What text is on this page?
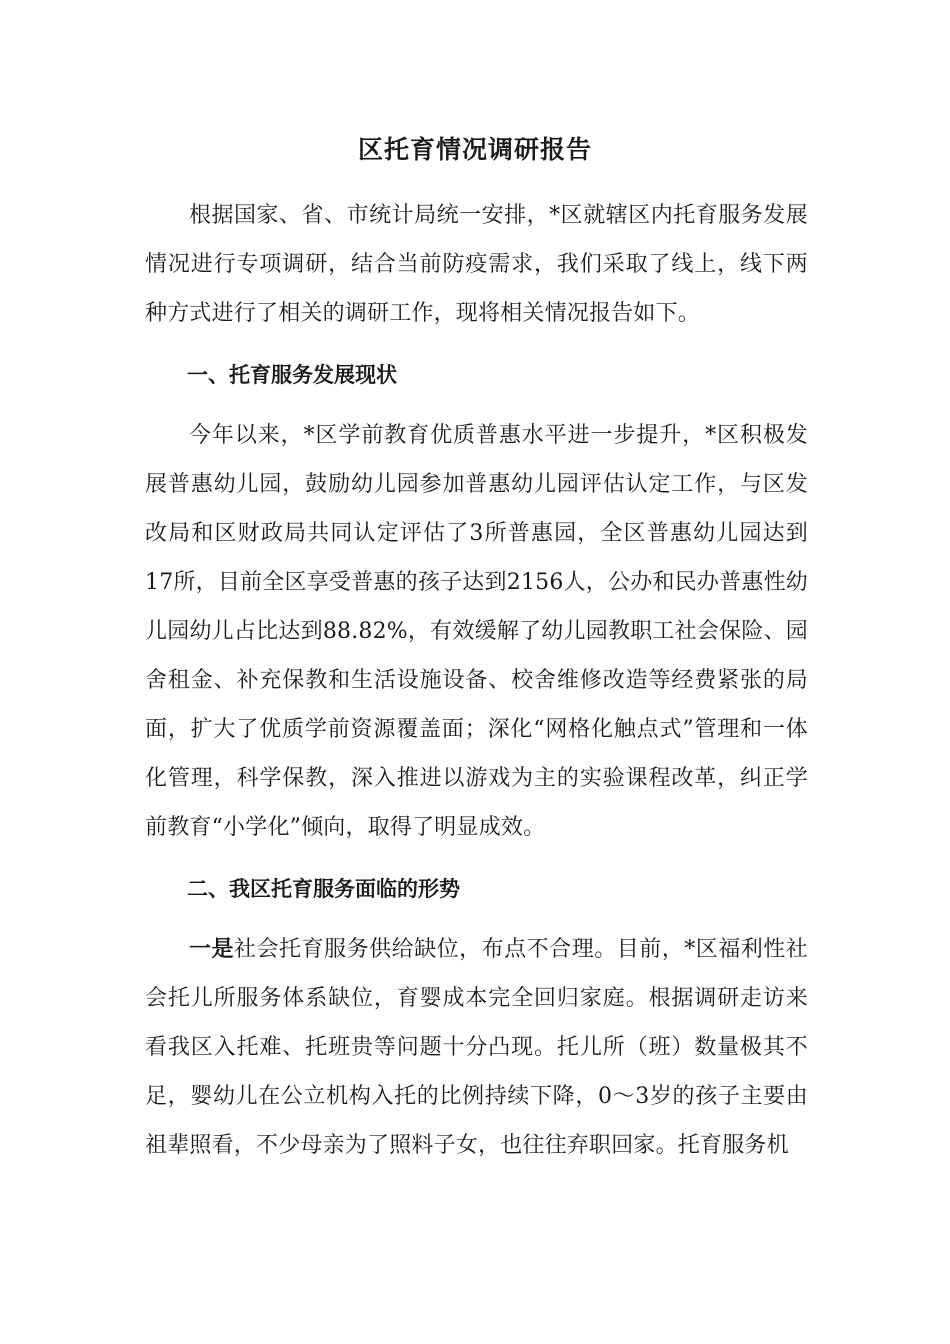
区托育情况调研报告

根据国家、省、市统计局统一安排，*区就辖区内托育服务发展情况进行专项调研，结合当前防疫需求，我们采取了线上，线下两种方式进行了相关的调研工作，现将相关情况报告如下。

一、托育服务发展现状

今年以来，*区学前教育优质普惠水平进一步提升，*区积极发展普惠幼儿园，鼓励幼儿园参加普惠幼儿园评估认定工作，与区发改局和区财政局共同认定评估了3所普惠园，全区普惠幼儿园达到17所，目前全区享受普惠的孩子达到2156人，公办和民办普惠性幼儿园幼儿占比达到88.82%，有效缓解了幼儿园教职工社会保险、园舍租金、补充保教和生活设施设备、校舍维修改造等经费紧张的局面，扩大了优质学前资源覆盖面；深化“网格化触点式”管理和一体化管理，科学保教，深入推进以游戏为主的实验课程改革，纠正学前教育“小学化”倾向，取得了明显成效。

二、我区托育服务面临的形势

一是社会托育服务供给缺位，布点不合理。目前，*区福利性社会托儿所服务体系缺位，育婴成本完全回归家庭。根据调研走访来看我区入托难、托班贵等问题十分凸现。托儿所（班）数量极其不足，婴幼儿在公立机构入托的比例持续下降，0～3岁的孩子主要由祖辈照看，不少母亲为了照料子女，也往往弃职回家。托育服务机
